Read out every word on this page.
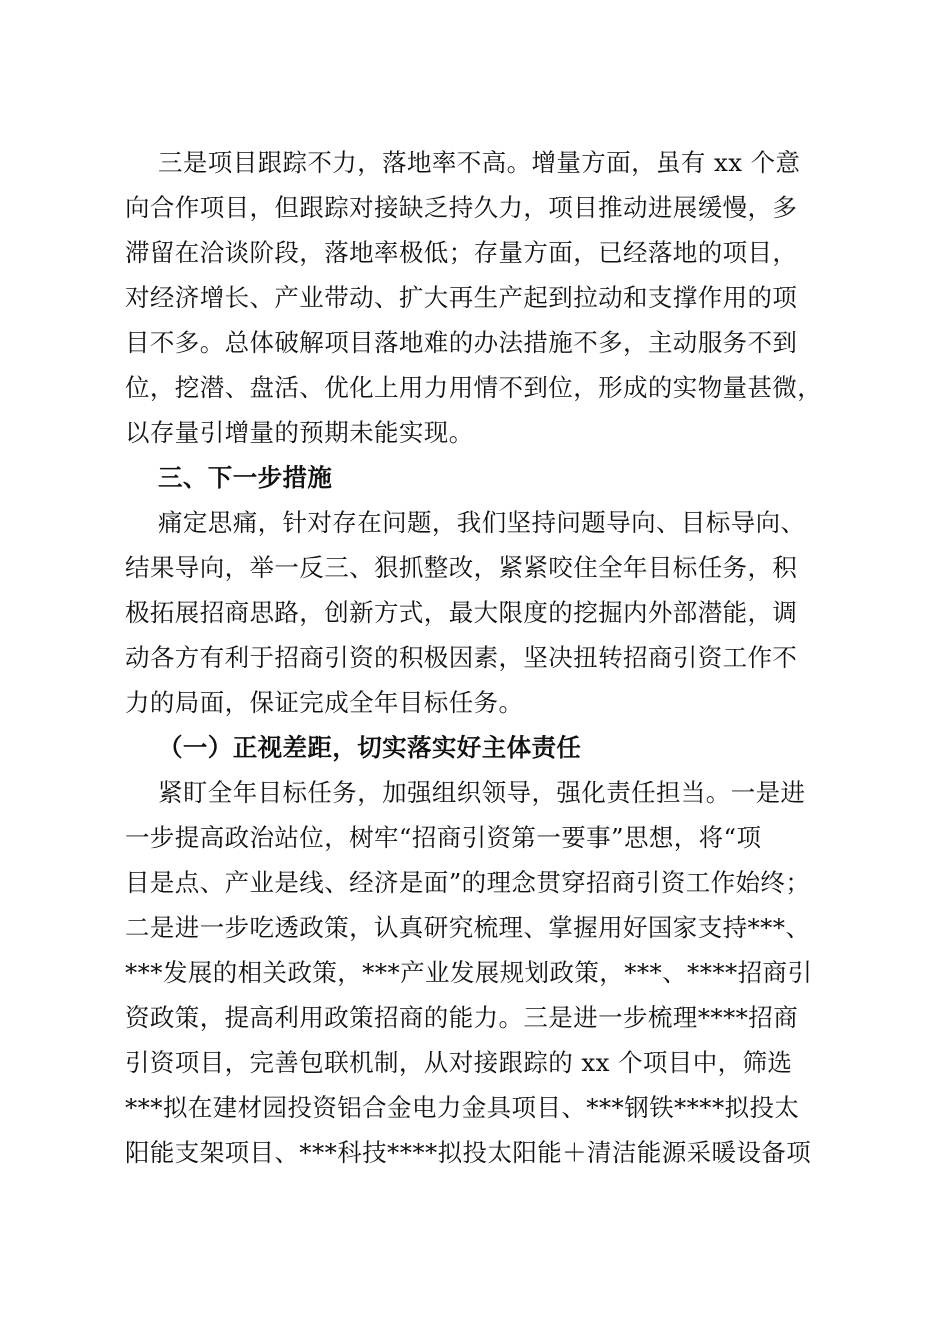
三是项目跟踪不力，落地率不高。增量方面，虽有 xx 个意
向合作项目，但跟踪对接缺乏持久力，项目推动进展缓慢，多
滞留在洽谈阶段，落地率极低；存量方面，已经落地的项目，
对经济增长、产业带动、扩大再生产起到拉动和支撑作用的项
目不多。总体破解项目落地难的办法措施不多，主动服务不到
位，挖潜、盘活、优化上用力用情不到位，形成的实物量甚微，
以存量引增量的预期未能实现。
三、下一步措施
痛定思痛，针对存在问题，我们坚持问题导向、目标导向、
结果导向，举一反三、狠抓整改，紧紧咬住全年目标任务，积
极拓展招商思路，创新方式，最大限度的挖掘内外部潜能，调
动各方有利于招商引资的积极因素，坚决扭转招商引资工作不
力的局面，保证完成全年目标任务。
（一）正视差距，切实落实好主体责任
紧盯全年目标任务，加强组织领导，强化责任担当。一是进
一步提高政治站位，树牢“招商引资第一要事”思想，将“项
目是点、产业是线、经济是面”的理念贯穿招商引资工作始终；
二是进一步吃透政策，认真研究梳理、掌握用好国家支持***、
***发展的相关政策，***产业发展规划政策，***、****招商引
资政策，提高利用政策招商的能力。三是进一步梳理****招商
引资项目，完善包联机制，从对接跟踪的 xx 个项目中，筛选
***拟在建材园投资铝合金电力金具项目、***钢铁****拟投太
阳能支架项目、***科技****拟投太阳能＋清洁能源采暖设备项
